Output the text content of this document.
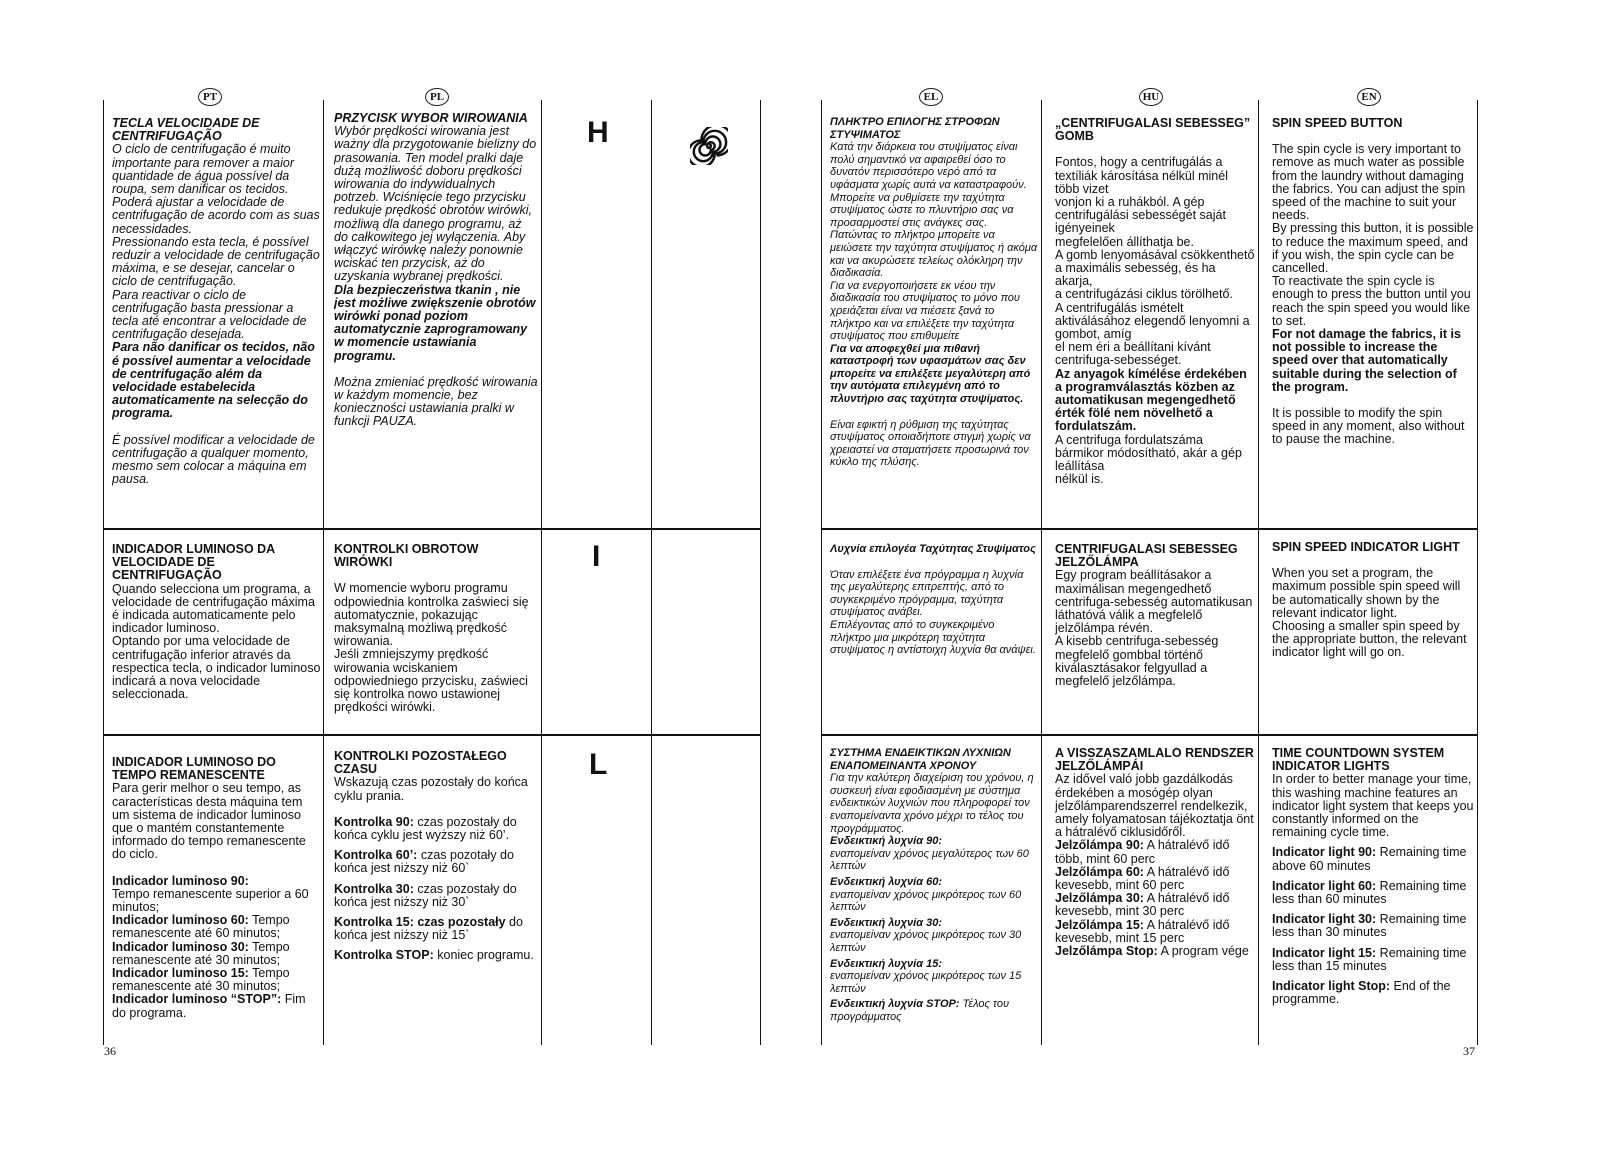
PT	PL

TECLA VELOCIDADE DE CENTRIFUGAÇÃO

O ciclo de centrifugação é muito importante para remover a maior quantidade de água possível da roupa, sem danificar os tecidos. Poderá ajustar a velocidade de centrifugação de acordo com as suas necessidades.
Pressionando esta tecla, é possível reduzir a velocidade de centrifugação máxima, e se desejar, cancelar o ciclo de centrifugação.
Para reactivar o ciclo de centrifugação basta pressionar a tecla até encontrar a velocidade de centrifugação desejada.

Para não danificar os tecidos, não é possível aumentar a velocidade de centrifugação além da velocidade estabelecida automaticamente na selecção do programa.

É possível modificar a velocidade de centrifugação a qualquer momento, mesmo sem colocar a máquina em pausa.

INDICADOR LUMINOSO DA VELOCIDADE DE CENTRIFUGAÇÃO

Quando selecciona um programa, a velocidade de centrifugação máxima é indicada automaticamente pelo indicador luminoso.
Optando por uma velocidade de centrifugação inferior através da respectica tecla, o indicador luminoso indicará a nova velocidade seleccionada.

INDICADOR LUMINOSO DO TEMPO REMANESCENTE

Para gerir melhor o seu tempo, as características desta máquina tem um sistema de indicador luminoso que o mantém constantemente informado do tempo remanescente do ciclo.

Indicador luminoso 90:
Tempo remanescente superior a 60 minutos;

Indicador luminoso 60: Tempo remanescente até 60 minutos;

Indicador luminoso 30: Tempo remanescente até 30 minutos;

Indicador luminoso 15: Tempo remanescente até 30 minutos;

Indicador luminoso “STOP”: Fim do programa.

PRZYCISK WYBÓR WIROWANIA

Wybór prędkości wirowania jest ważny dla przygotowanie bielizny do prasowania. Ten model pralki daje dużą możliwość doboru prędkości wirowania do indywidualnych potrzeb. Wciśnięcie tego przycisku redukuje prędkość obrotów wirówki, możliwą dla danego programu, aż do całkowitego jej wyłączenia. Aby włączyć wirówkę należy ponownie wciskać ten przycisk, aż do uzyskania wybranej prędkości.

Dla bezpieczeństwa tkanin , nie jest możliwe zwiększenie obrotów wirówki ponad poziom automatycznie zaprogramowany w momencie ustawiania programu.

Można zmieniać prędkość wirowania w każdym momencie, bez konieczności ustawiania pralki w funkcji PAUZA.

KONTROLKI OBROTÓW WIRÓWKI

W momencie wyboru programu odpowiednia kontrolka zaświeci się automatycznie, pokazując maksymalną możliwą prędkość wirowania.
Jeśli zmniejszymy prędkość wirowania wciskaniem odpowiedniego przycisku, zaświeci się kontrolka nowo ustawionej prędkości wirówki.

KONTROLKI POZOSTAŁEGO CZASU

Wskazują czas pozostały do końca cyklu prania.

Kontrolka 90: czas pozostały do końca cyklu jest wyższy niż 60’.

Kontrolka 60’: czas pozotały do końca jest niższy niż 60`

Kontrolka 30: czas pozostały do końca jest niższy niż 30`

Kontrolka 15: czas pozostały do końca jest niższy niż 15`

Kontrolka STOP: koniec programu.

H
I
L
36
EL	HU	EN

ΠΛΗΚΤΡΟ ΕΠΙΛΟΓΗΣ ΣΤΡΟΦΩΝ ΣΤΥΨΙΜΑΤΟΣ

Κατά την διάρκεια του στυψίματος είναι πολύ σημαντικό να αφαιρεθεί όσο το δυνατόν περισσότερο νερό από τα υφάσματα χωρίς αυτά να καταστραφούν. Μπορείτε να ρυθμίσετε την ταχύτητα στυψίματος ώστε το πλυντήριο σας να προσαρμοστεί στις ανάγκες σας.
Πατώντας το πλήκτρο μπορείτε να μειώσετε την ταχύτητα στυψίματος ή ακόμα και να ακυρώσετε τελείως ολόκληρη την διαδικασία.
Για να ενεργοποιήσετε εκ νέου την διαδικασία του στυψίματος το μόνο που χρειάζεται είναι να πιέσετε ξανά το πλήκτρο και να επιλέξετε την ταχύτητα στυψίματος που επιθυμείτε

Για να αποφεχθεί μια πιθανή καταστροφή των υφασμάτων σας δεν μπορείτε να επιλέξετε μεγαλύτερη από την αυτόματα επιλεγμένη από το πλυντήριο σας ταχύτητα στυψίματος.

Είναι εφικτή η ρύθμιση της ταχύτητας στυψίματος οποιαδήποτε στιγμή χωρίς να χρειαστεί να σταματήσετε προσωρινά τον κύκλο της πλύσης.

Λυχνία επιλογέα Ταχύτητας Στυψίματος

Όταν επιλέξετε ένα πρόγραμμα η λυχνία της μεγαλύτερης επιτρεπτής, από το συγκεκριμένο πρόγραμμα, ταχύτητα στυψίματος ανάβει.
Επιλέγοντας από το συγκεκριμένο πλήκτρο μια μικρότερη ταχύτητα στυψίματος η αντίστοιχη λυχνία θα ανάψει.

ΣΥΣΤΗΜΑ ΕΝΔΕΙΚΤΙΚΩΝ ΛΥΧΝΙΩΝ ΕΝΑΠΟΜΕΙΝΑΝΤΑ ΧΡΟΝΟΥ

Για την καλύτερη διαχείριση του χρόνου, η συσκευή είναι εφοδιασμένη με σύστημα ενδεικτικών λυχνιών που πληροφορεί τον εναπομείναντα χρόνο μέχρι το τέλος του προγράμματος.

Ενδεικτική λυχνία 90:
εναπομείναν χρόνος μεγαλύτερος των 60 λεπτών

Ενδεικτική λυχνία 60:
εναπομείναν χρόνος μικρότερος των 60 λεπτών

Ενδεικτική λυχνία 30:
εναπομείναν χρόνος μικρότερος των 30 λεπτών

Ενδεικτική λυχνία 15:
εναπομείναν χρόνος μικρότερος των 15 λεπτών

Ενδεικτική λυχνία STOP: Τέλος του προγράμματος

„CENTRIFUGÁLÁSI SEBESSÉG” GOMB

Fontos, hogy a centrifugálás a textíliák károsítása nélkül minél több vizet
vonjon ki a ruhákból. A gép centrifugálási sebességét saját igényeinek
megfelelően állíthatja be.
A gomb lenyomásával csökkenthető a maximális sebesség, és ha akarja,
a centrifugázási ciklus törölhető.
A centrifugálás ismételt aktiválásához elegendő lenyomni a gombot, amíg
el nem éri a beállítani kívánt centrifuga-sebességet.

Az anyagok kímélése érdekében a programválasztás közben az automatikusan megengedhető érték fölé nem növelhető a fordulatszám.

A centrifuga fordulatszáma bármikor módosítható, akár a gép leállítása
nélkül is.

CENTRIFUGÁLÁSI SEBESSÉG JELZŐLÁMPA

Egy program beállításakor a maximálisan megengedhető centrifuga-sebesség automatikusan láthatóvá válik a megfelelő jelzőlámpa révén.
A kisebb centrifuga-sebesség megfelelő gombbal történő kiválasztásakor felgyullad a megfelelő jelzőlámpa.

A VISSZASZÁMLÁLÓ RENDSZER JELZŐLÁMPÁI

Az idővel való jobb gazdálkodás érdekében a mosógép olyan jelzőlámparendszerrel rendelkezik, amely folyamatosan tájékoztatja önt a hátralévő ciklusidőről.

Jelzőlámpa 90: A hátralévő idő több, mint 60 perc

Jelzőlámpa 60: A hátralévő idő kevesebb, mint 60 perc

Jelzőlámpa 30: A hátralévő idő kevesebb, mint 30 perc

Jelzőlámpa 15: A hátralévő idő kevesebb, mint 15 perc

Jelzőlámpa Stop: A program vége

SPIN SPEED BUTTON

The spin cycle is very important to remove as much water as possible from the laundry without damaging the fabrics. You can adjust the spin speed of the machine to suit your needs.
By pressing this button, it is possible to reduce the maximum speed, and if you wish, the spin cycle can be cancelled.
To reactivate the spin cycle is enough to press the button until you reach the spin speed you would like to set.

For not damage the fabrics, it is not possible to increase the speed over that automatically suitable during the selection of the program.

It is possible to modify the spin speed in any moment, also without to pause the machine.

SPIN SPEED INDICATOR LIGHT

When you set a program, the maximum possible spin speed will be automatically shown by the relevant indicator light.
Choosing a smaller spin speed by the appropriate button, the relevant indicator light will go on.

TIME COUNTDOWN SYSTEM INDICATOR LIGHTS

In order to better manage your time, this washing machine features an indicator light system that keeps you constantly informed on the remaining cycle time.

Indicator light 90: Remaining time above 60 minutes

Indicator light 60: Remaining time less than 60 minutes

Indicator light 30: Remaining time less than 30 minutes

Indicator light 15: Remaining time less than 15 minutes

Indicator light Stop: End of the programme.

37
